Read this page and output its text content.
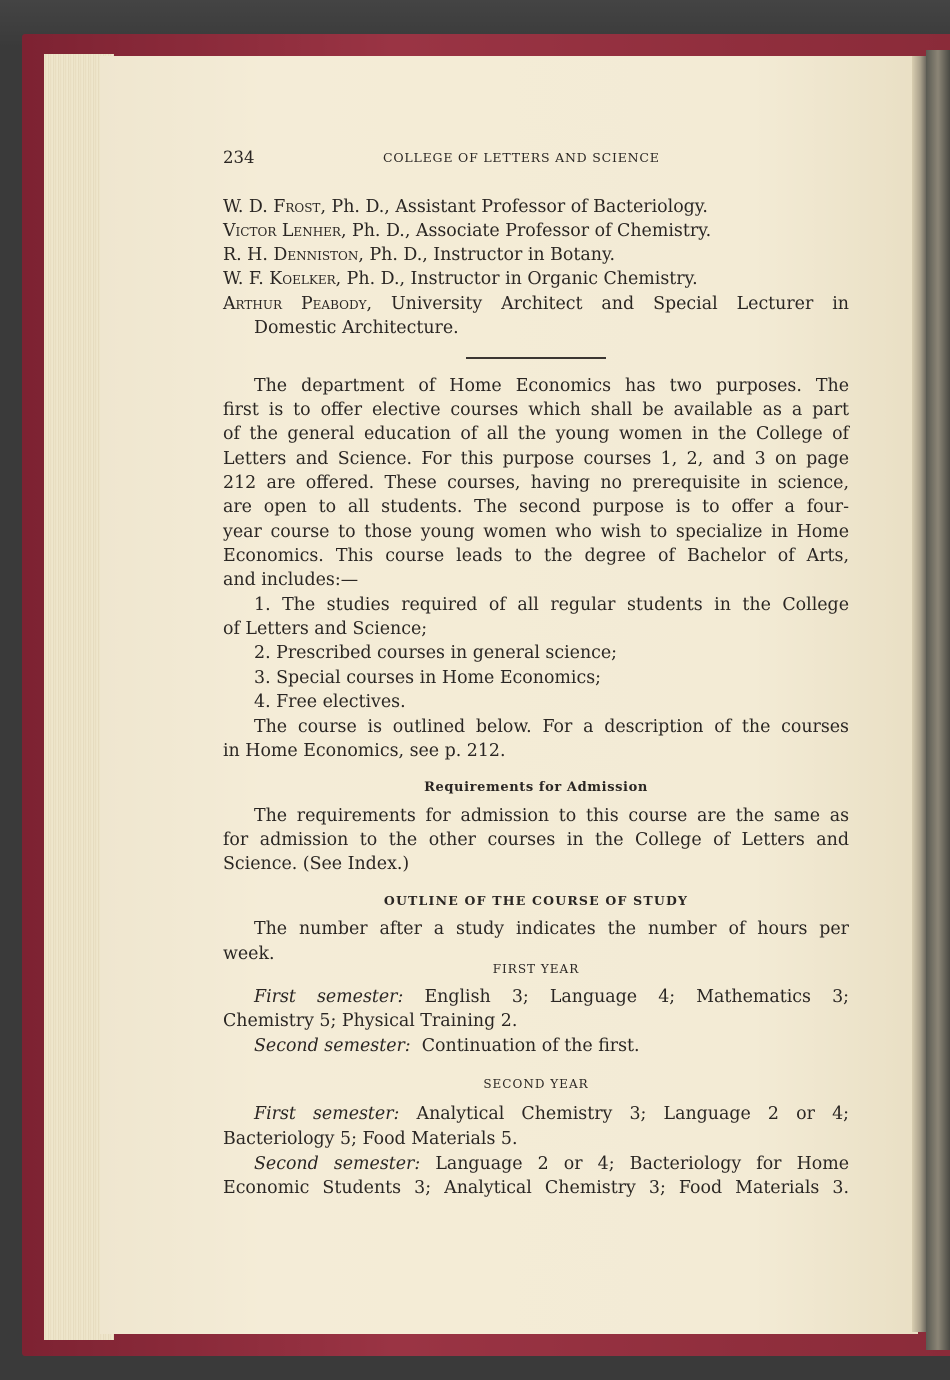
234	COLLEGE OF LETTERS AND SCIENCE
W. D. Frost, Ph. D., Assistant Professor of Bacteriology.
Victor Lenher, Ph. D., Associate Professor of Chemistry.
R. H. Denniston, Ph. D., Instructor in Botany.
W. F. Koelker, Ph. D., Instructor in Organic Chemistry.
Arthur Peabody, University Architect and Special Lecturer in
Domestic Architecture.
The department of Home Economics has two purposes. The
first is to offer elective courses which shall be available as a part
of the general education of all the young women in the College of
Letters and Science. For this purpose courses 1, 2, and 3 on page
212 are offered. These courses, having no prerequisite in science,
are open to all students. The second purpose is to offer a four-
year course to those young women who wish to specialize in Home
Economics. This course leads to the degree of Bachelor of Arts,
and includes:—
1. The studies required of all regular students in the College
of Letters and Science;
2. Prescribed courses in general science;
3. Special courses in Home Economics;
4. Free electives.
The course is outlined below. For a description of the courses
in Home Economics, see p. 212.
Requirements for Admission
The requirements for admission to this course are the same as
for admission to the other courses in the College of Letters and
Science. (See Index.)
OUTLINE OF THE COURSE OF STUDY
The number after a study indicates the number of hours per
week.
FIRST YEAR
First semester: English 3; Language 4; Mathematics 3;
Chemistry 5; Physical Training 2.
Second semester: Continuation of the first.
SECOND YEAR
First semester: Analytical Chemistry 3; Language 2 or 4;
Bacteriology 5; Food Materials 5.
Second semester: Language 2 or 4; Bacteriology for Home
Economic Students 3; Analytical Chemistry 3; Food Materials 3.
